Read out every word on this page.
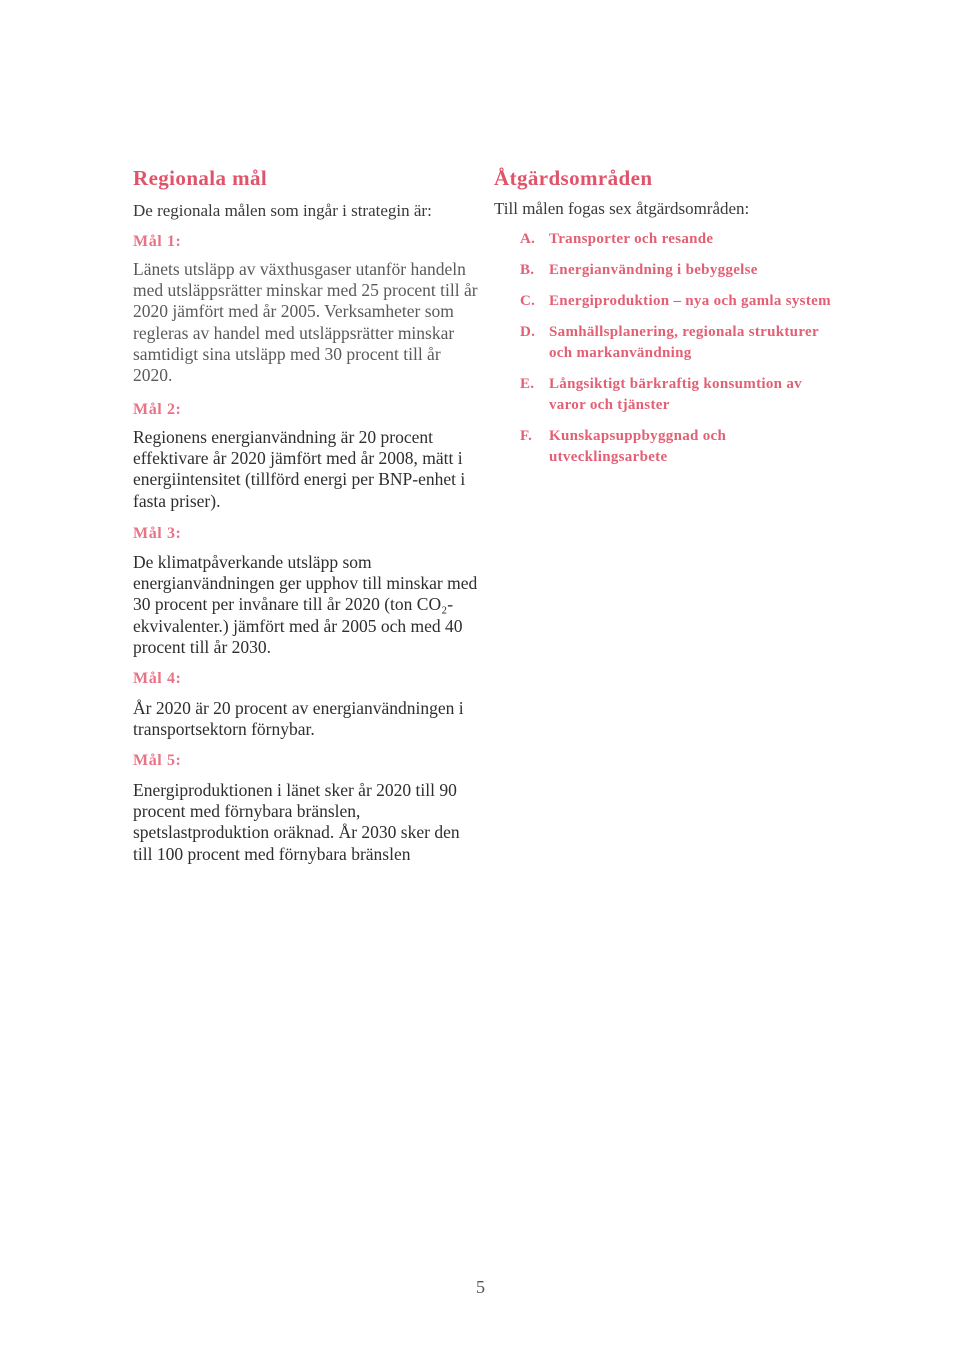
Regionala mål
De regionala målen som ingår i strategin är:
Mål 1:

Länets utsläpp av växthusgaser utanför handeln med utsläppsrätter minskar med 25 procent till år 2020 jämfört med år 2005. Verksamheter som regleras av handel med utsläppsrätter minskar samtidigt sina utsläpp med 30 procent till år 2020.

Mål 2:

Regionens energianvändning är 20 procent effektivare år 2020 jämfört med år 2008, mätt i energiintensitet (tillförd energi per BNP-enhet i fasta priser).

Mål 3:

De klimatpåverkande utsläpp som energianvändningen ger upphov till minskar med 30 procent per invånare till år 2020 (ton CO₂- ekvivalenter.) jämfört med år 2005 och med 40 procent till år 2030.

Mål 4:

År 2020 är 20 procent av energianvändningen i transportsektorn förnybar.

Mål 5:

Energiproduktionen i länet sker år 2020 till 90 procent med förnybara bränslen, spetslastproduktion oräknad. År 2030 sker den till 100 procent med förnybara bränslen

Åtgärdsområden
Till målen fogas sex åtgärdsområden:
A. Transporter och resande
B. Energianvändning i bebyggelse
C. Energiproduktion – nya och gamla system
D. Samhällsplanering, regionala strukturer och markanvändning
E. Långsiktigt bärkraftig konsumtion av varor och tjänster
F. Kunskapsuppbyggnad och utvecklingsarbete
5
